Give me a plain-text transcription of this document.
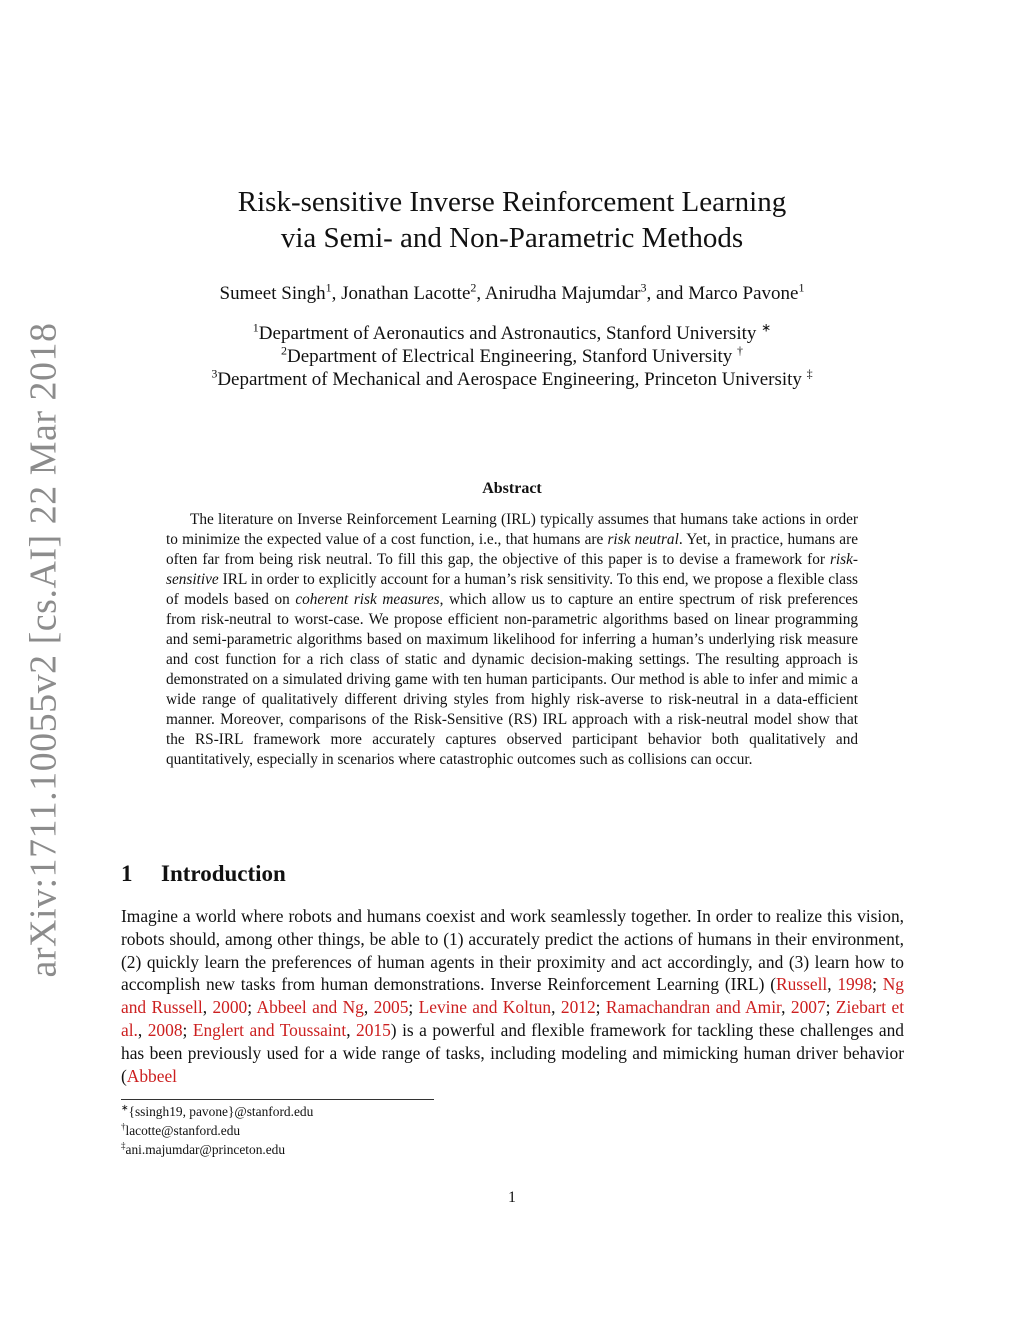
arXiv:1711.10055v2 [cs.AI] 22 Mar 2018
Risk-sensitive Inverse Reinforcement Learning
via Semi- and Non-Parametric Methods
Sumeet Singh$^1$, Jonathan Lacotte$^2$, Anirudha Majumdar$^3$, and Marco Pavone$^1$
$^1$Department of Aeronautics and Astronautics, Stanford University ∗
$^2$Department of Electrical Engineering, Stanford University †
$^3$Department of Mechanical and Aerospace Engineering, Princeton University ‡
Abstract
The literature on Inverse Reinforcement Learning (IRL) typically assumes that humans take actions in order to minimize the expected value of a cost function, i.e., that humans are risk neutral. Yet, in practice, humans are often far from being risk neutral. To fill this gap, the objective of this paper is to devise a framework for risk-sensitive IRL in order to explicitly account for a human’s risk sensitivity. To this end, we propose a flexible class of models based on coherent risk measures, which allow us to capture an entire spectrum of risk preferences from risk-neutral to worst-case. We propose efficient non-parametric algorithms based on linear programming and semi-parametric algorithms based on maximum likelihood for inferring a human’s underlying risk measure and cost function for a rich class of static and dynamic decision-making settings. The resulting approach is demonstrated on a simulated driving game with ten human participants. Our method is able to infer and mimic a wide range of qualitatively different driving styles from highly risk-averse to risk-neutral in a data-efficient manner. Moreover, comparisons of the Risk-Sensitive (RS) IRL approach with a risk-neutral model show that the RS-IRL framework more accurately captures observed participant behavior both qualitatively and quantitatively, especially in scenarios where catastrophic outcomes such as collisions can occur.
1 Introduction
Imagine a world where robots and humans coexist and work seamlessly together. In order to realize this vision, robots should, among other things, be able to (1) accurately predict the actions of humans in their environment, (2) quickly learn the preferences of human agents in their proximity and act accordingly, and (3) learn how to accomplish new tasks from human demonstrations. Inverse Reinforcement Learning (IRL) (Russell, 1998; Ng and Russell, 2000; Abbeel and Ng, 2005; Levine and Koltun, 2012; Ramachandran and Amir, 2007; Ziebart et al., 2008; Englert and Toussaint, 2015) is a powerful and flexible framework for tackling these challenges and has been previously used for a wide range of tasks, including modeling and mimicking human driver behavior (Abbeel
∗{ssingh19, pavone}@stanford.edu
†lacotte@stanford.edu
‡ani.majumdar@princeton.edu
1
